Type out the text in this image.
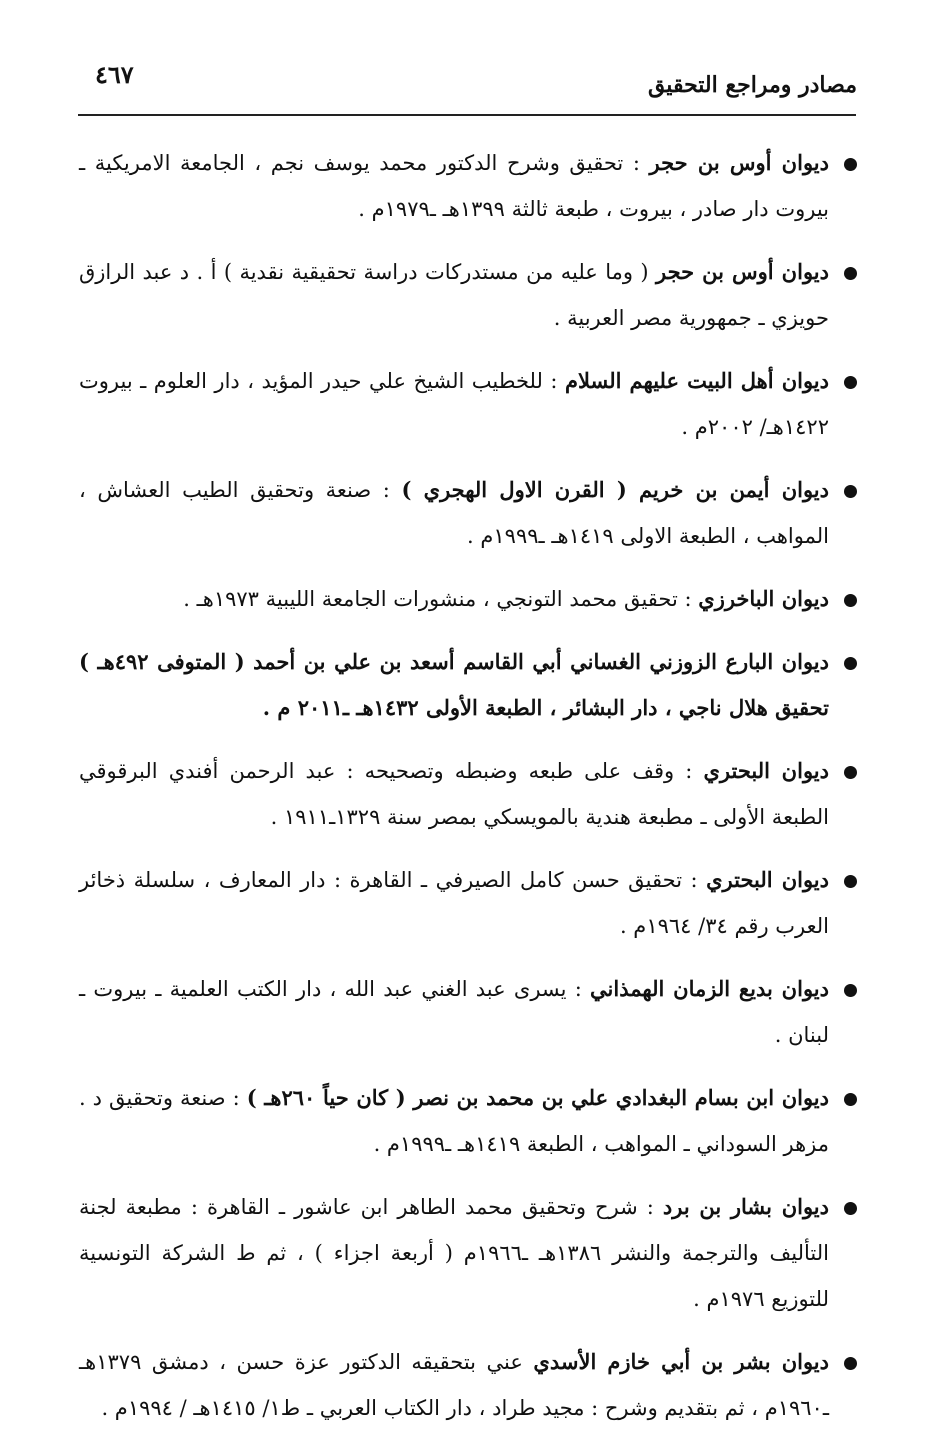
مصادر ومراجع التحقيق
٤٦٧
ديوان أوس بن حجر : تحقيق وشرح الدكتور محمد يوسف نجم ، الجامعة الامريكية ـ بيروت دار صادر ، بيروت ، طبعة ثالثة ١٣٩٩هـ ـ١٩٧٩م .
ديوان أوس بن حجر ( وما عليه من مستدركات دراسة تحقيقية نقدية ) أ . د عبد الرازق حويزي ـ جمهورية مصر العربية .
ديوان أهل البيت عليهم السلام : للخطيب الشيخ علي حيدر المؤيد ، دار العلوم ـ بيروت ١٤٢٢هـ/ ٢٠٠٢م .
ديوان أيمن بن خريم ( القرن الاول الهجري ) : صنعة وتحقيق الطيب العشاش ، المواهب ، الطبعة الاولى ١٤١٩هـ ـ١٩٩٩م .
ديوان الباخرزي : تحقيق محمد التونجي ، منشورات الجامعة الليبية ١٩٧٣هـ .
ديوان البارع الزوزني الغساني أبي القاسم أسعد بن علي بن أحمد ( المتوفى ٤٩٢هـ ) تحقيق هلال ناجي ، دار البشائر ، الطبعة الأولى ١٤٣٢هـ ـ٢٠١١ م .
ديوان البحتري : وقف على طبعه وضبطه وتصحيحه : عبد الرحمن أفندي البرقوقي الطبعة الأولى ـ مطبعة هندية بالمويسكي بمصر سنة ١٣٢٩ـ١٩١١ .
ديوان البحتري : تحقيق حسن كامل الصيرفي ـ القاهرة : دار المعارف ، سلسلة ذخائر العرب رقم ٣٤/ ١٩٦٤م .
ديوان بديع الزمان الهمذاني : يسرى عبد الغني عبد الله ، دار الكتب العلمية ـ بيروت ـ لبنان .
ديوان ابن بسام البغدادي علي بن محمد بن نصر ( كان حياً ٢٦٠هـ ) : صنعة وتحقيق د . مزهر السوداني ـ المواهب ، الطبعة ١٤١٩هـ ـ١٩٩٩م .
ديوان بشار بن برد : شرح وتحقيق محمد الطاهر ابن عاشور ـ القاهرة : مطبعة لجنة التأليف والترجمة والنشر ١٣٨٦هـ ـ١٩٦٦م ( أربعة اجزاء ) ، ثم ط الشركة التونسية للتوزيع ١٩٧٦م .
ديوان بشر بن أبي خازم الأسدي عني بتحقيقه الدكتور عزة حسن ، دمشق ١٣٧٩هـ ـ١٩٦٠م ، ثم بتقديم وشرح : مجيد طراد ، دار الكتاب العربي ـ ط١/ ١٤١٥هـ / ١٩٩٤م .
